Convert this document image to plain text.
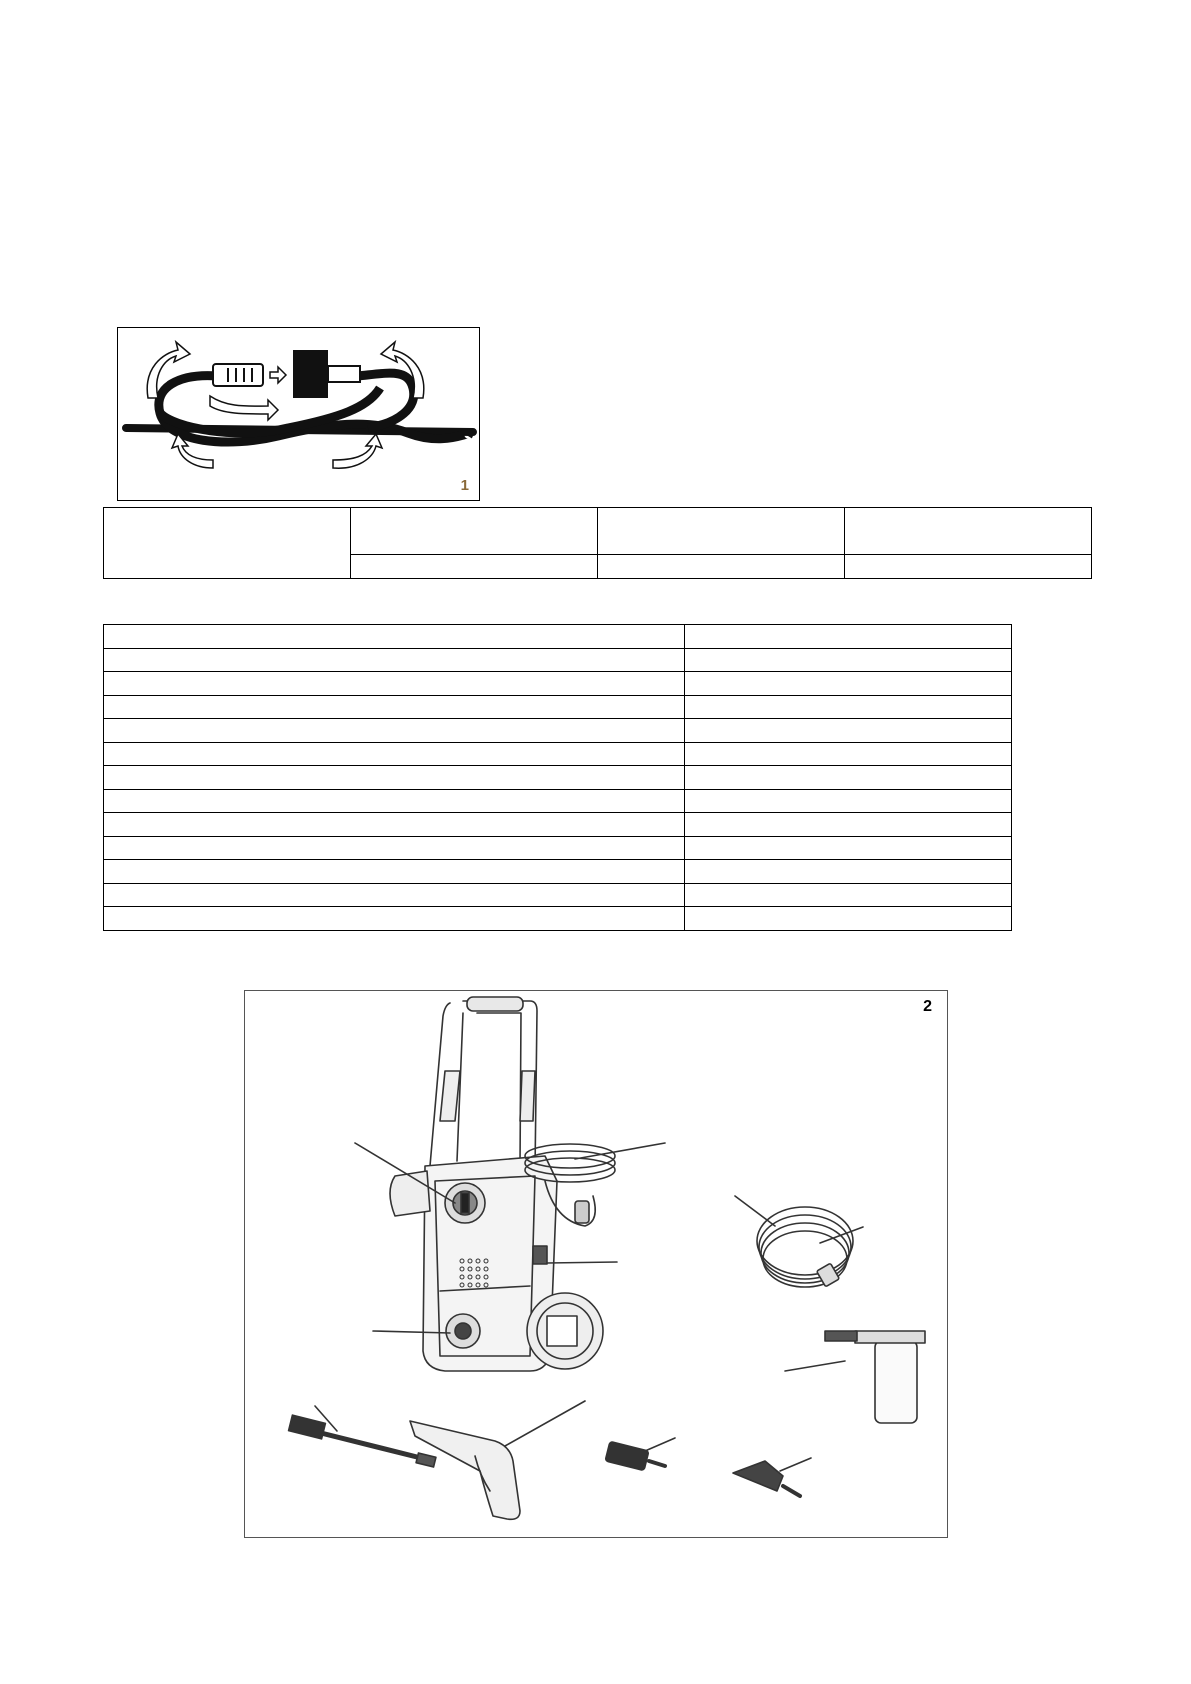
1

2
